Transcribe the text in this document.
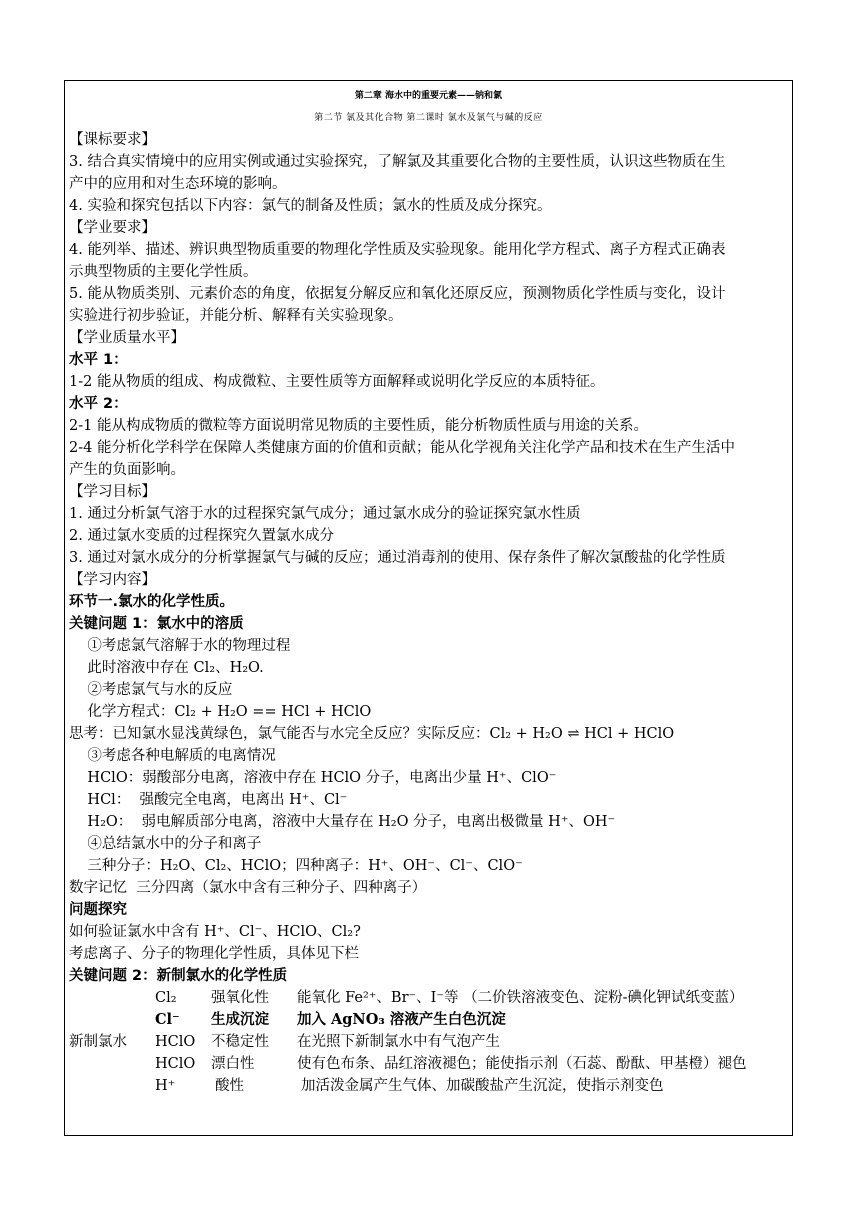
第二章 海水中的重要元素——钠和氯
第二节 氯及其化合物 第二课时 氯水及氯气与碱的反应
【课标要求】
3. 结合真实情境中的应用实例或通过实验探究，了解氯及其重要化合物的主要性质，认识这些物质在生
产中的应用和对生态环境的影响。
4. 实验和探究包括以下内容：氯气的制备及性质；氯水的性质及成分探究。
【学业要求】
4. 能列举、描述、辨识典型物质重要的物理化学性质及实验现象。能用化学方程式、离子方程式正确表
示典型物质的主要化学性质。
5. 能从物质类别、元素价态的角度，依据复分解反应和氧化还原反应，预测物质化学性质与变化，设计
实验进行初步验证，并能分析、解释有关实验现象。
【学业质量水平】
水平 1：
1-2 能从物质的组成、构成微粒、主要性质等方面解释或说明化学反应的本质特征。
水平 2：
2-1 能从构成物质的微粒等方面说明常见物质的主要性质，能分析物质性质与用途的关系。
2-4 能分析化学科学在保障人类健康方面的价值和贡献；能从化学视角关注化学产品和技术在生产生活中
产生的负面影响。
【学习目标】
1. 通过分析氯气溶于水的过程探究氯气成分；通过氯水成分的验证探究氯水性质
2. 通过氯水变质的过程探究久置氯水成分
3. 通过对氯水成分的分析掌握氯气与碱的反应；通过消毒剂的使用、保存条件了解次氯酸盐的化学性质
【学习内容】
环节一.氯水的化学性质。
关键问题 1：氯水中的溶质
①考虑氯气溶解于水的物理过程
此时溶液中存在 Cl₂、H₂O.
②考虑氯气与水的反应
化学方程式：Cl₂ + H₂O == HCl + HClO
思考：已知氯水显浅黄绿色，氯气能否与水完全反应？实际反应：Cl₂ + H₂O ⇌ HCl + HClO
③考虑各种电解质的电离情况
HClO：弱酸部分电离，溶液中存在 HClO 分子，电离出少量 H⁺、ClO⁻
HCl：  强酸完全电离，电离出 H⁺、Cl⁻
H₂O：  弱电解质部分电离，溶液中大量存在 H₂O 分子，电离出极微量 H⁺、OH⁻
④总结氯水中的分子和离子
三种分子：H₂O、Cl₂、HClO；四种离子：H⁺、OH⁻、Cl⁻、ClO⁻
数字记忆  三分四离（氯水中含有三种分子、四种离子）
问题探究
如何验证氯水中含有 H⁺、Cl⁻、HClO、Cl₂?
考虑离子、分子的物理化学性质，具体见下栏
关键问题 2：新制氯水的化学性质
新制氯水
Cl₂ 强氧化性 能氧化 Fe²⁺、Br⁻、I⁻等 （二价铁溶液变色、淀粉-碘化钾试纸变蓝）
Cl⁻ 生成沉淀 加入 AgNO₃ 溶液产生白色沉淀
HClO 不稳定性 在光照下新制氯水中有气泡产生
HClO 漂白性	使有色布条、品红溶液褪色；能使指示剂（石蕊、酚酞、甲基橙）褪色
H⁺	酸性	加活泼金属产生气体、加碳酸盐产生沉淀，使指示剂变色
